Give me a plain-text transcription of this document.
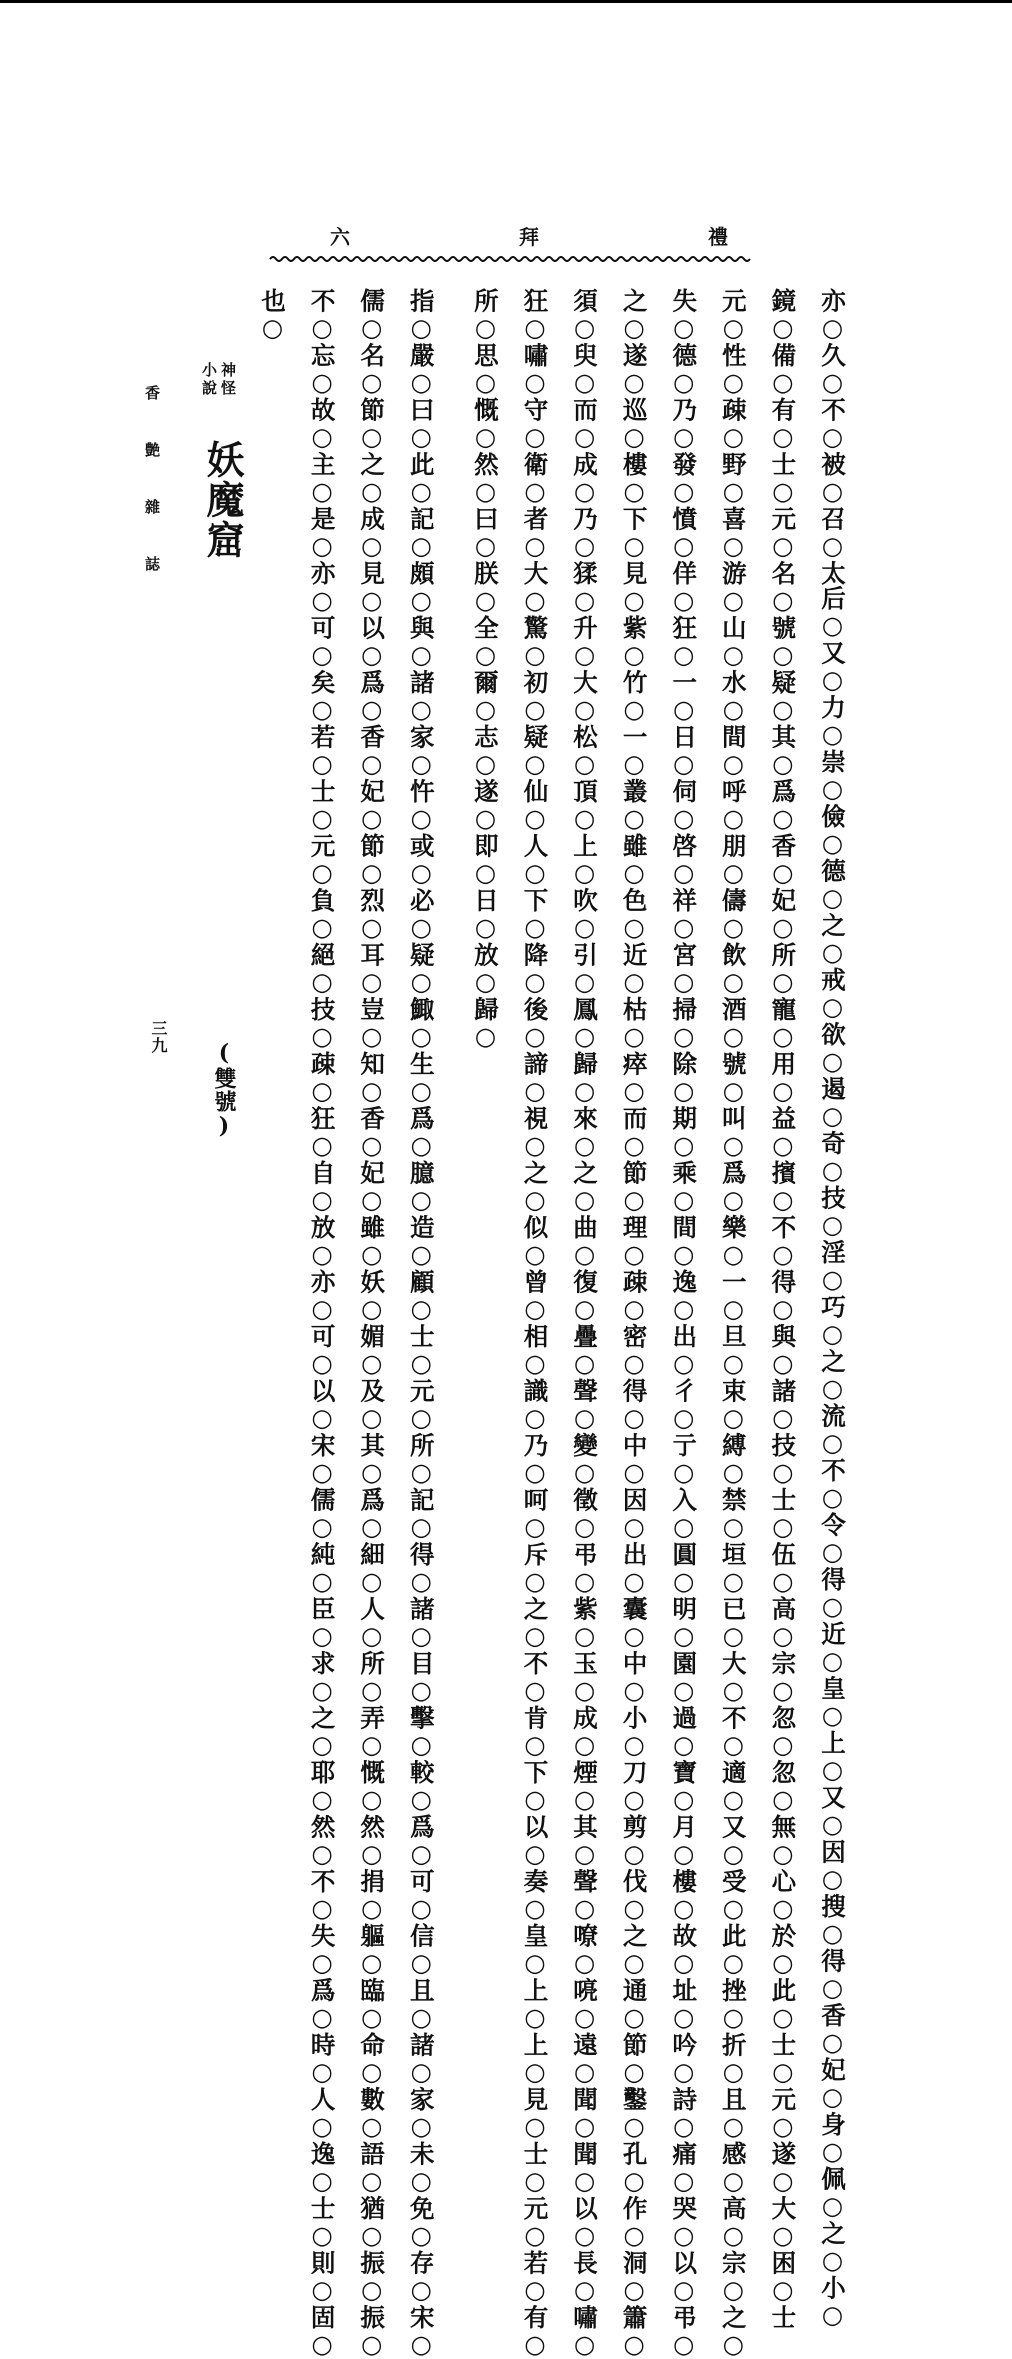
六	拜	禮
亦○久○不○被○召○太后○又○力○崇○儉○德○之○戒○欲○遏○奇○技○淫○巧○之○流○不○令○得○近○皇○上○又○因○搜○得○香○妃○身○佩○之○小○
鏡○備○有○士○元○名○號○疑○其○爲○香○妃○所○寵○用○益○擯○不○得○與○諸○技○士○伍○高○宗○忽○忽○無○心○於○此○士○元○遂○大○困○士
元○性○疎○野○喜○游○山○水○間○呼○朋○儔○飲○酒○號○叫○爲○樂○一○旦○束○縛○禁○垣○已○大○不○適○又○受○此○挫○折○且○感○高○宗○之○
失○德○乃○發○憤○佯○狂○一○日○伺○啓○祥○宮○掃○除○期○乘○間○逸○出○彳○亍○入○圓○明○園○過○寶○月○樓○故○址○吟○詩○痛○哭○以○弔○
之○遂○巡○樓○下○見○紫○竹○一○叢○雖○色○近○枯○瘁○而○節○理○疎○密○得○中○因○出○囊○中○小○刀○剪○伐○之○通○節○鑿○孔○作○洞○簫○
須○臾○而○成○乃○猱○升○大○松○頂○上○吹○引○鳳○歸○來○之○曲○復○疊○聲○變○徵○弔○紫○玉○成○煙○其○聲○嘹○喨○遠○聞○聞○以○長○嘯○
狂○嘯○守○衛○者○大○驚○初○疑○仙○人○下○降○後○諦○視○之○似○曾○相○識○乃○呵○斥○之○不○肯○下○以○奏○皇○上○上○見○士○元○若○有○
所○思○慨○然○曰○朕○全○爾○志○遂○即○日○放○歸○
指○嚴○曰○此○記○頗○與○諸○家○忤○或○必○疑○鯫○生○爲○臆○造○顧○士○元○所○記○得○諸○目○擊○較○爲○可○信○且○諸○家○未○免○存○宋○
儒○名○節○之○成○見○以○爲○香○妃○節○烈○耳○豈○知○香○妃○雖○妖○媚○及○其○爲○細○人○所○弄○慨○然○捐○軀○臨○命○數○語○猶○振○振○
不○忘○故○主○是○亦○可○矣○若○士○元○負○絕○技○疎○狂○自○放○亦○可○以○宋○儒○純○臣○求○之○耶○然○不○失○爲○時○人○逸○士○則○固○
也○
神怪
小說
妖魔窟
(雙號)
香 艶 雜 誌
三九
